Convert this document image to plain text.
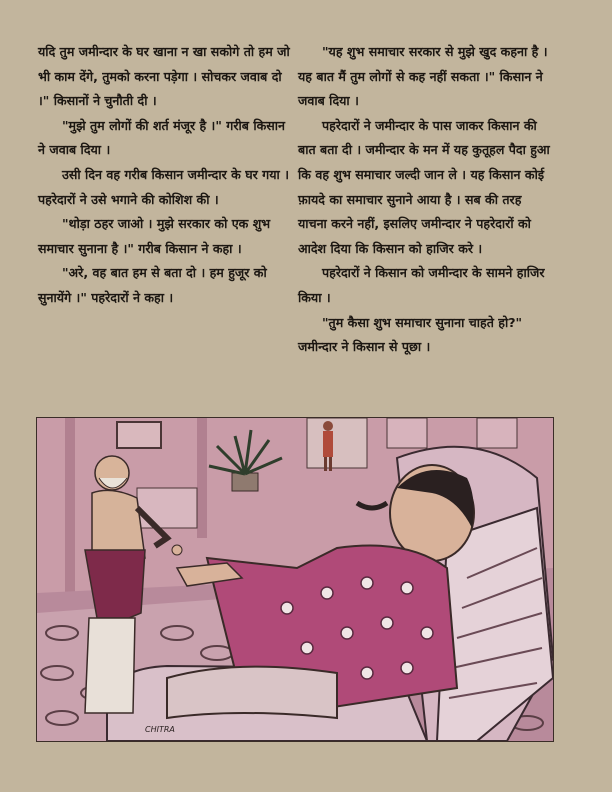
यदि तुम जमीन्दार के घर खाना न खा सकोगे तो हम जो भी काम देंगे, तुमको करना पड़ेगा । सोचकर जवाब दो ।" किसानों ने चुनौती दी ।

"मुझे तुम लोगों की शर्त मंजूर है ।" गरीब किसान ने जवाब दिया ।

उसी दिन वह गरीब किसान जमीन्दार के घर गया । पहरेदारों ने उसे भगाने की कोशिश की ।

"थोड़ा ठहर जाओ । मुझे सरकार को एक शुभ समाचार सुनाना है ।" गरीब किसान ने कहा ।

"अरे, वह बात हम से बता दो । हम हुजूर को सुनायेंगे ।" पहरेदारों ने कहा ।

"यह शुभ समाचार सरकार से मुझे खुद कहना है । यह बात मैं तुम लोगों से कह नहीं सकता ।" किसान ने जवाब दिया ।

पहरेदारों ने जमीन्दार के पास जाकर किसान की बात बता दी । जमीन्दार के मन में यह कुतूहल पैदा हुआ कि वह शुभ समाचार जल्दी जान ले । यह किसान कोई फ़ायदे का समाचार सुनाने आया है । सब की तरह याचना करने नहीं, इसलिए जमीन्दार ने पहरेदारों को आदेश दिया कि किसान को हाजिर करे ।

पहरेदारों ने किसान को जमीन्दार के सामने हाजिर किया ।

"तुम कैसा शुभ समाचार सुनाना चाहते हो?" जमीन्दार ने किसान से पूछा ।

CHITRA
